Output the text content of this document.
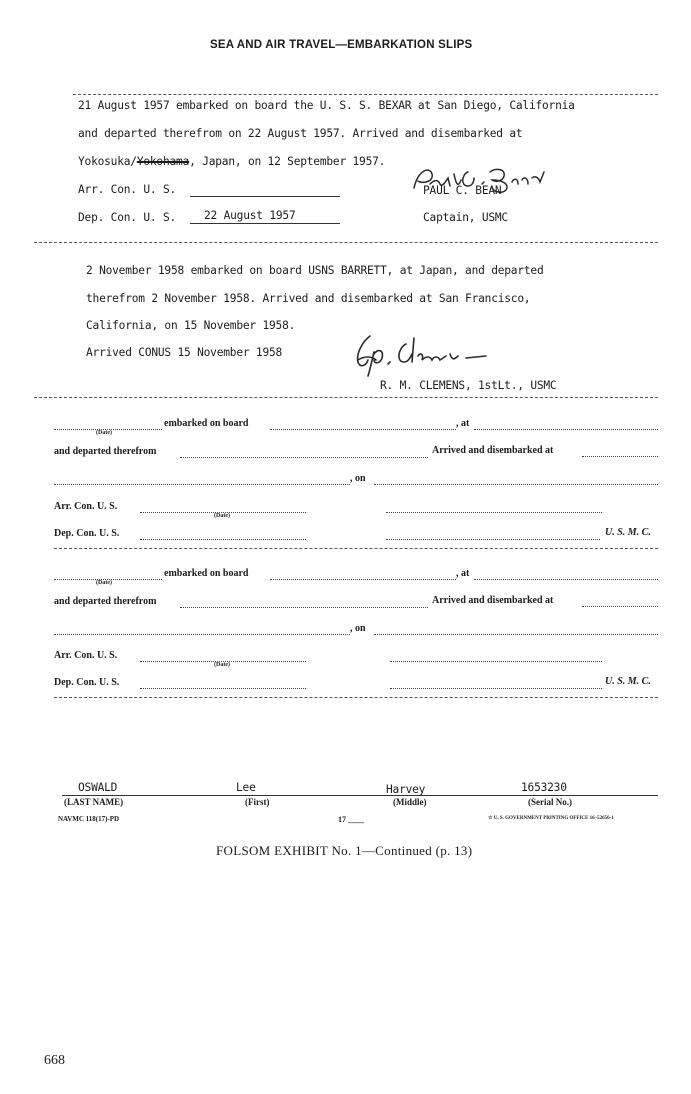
SEA AND AIR TRAVEL—EMBARKATION SLIPS
21 August 1957 embarked on board the U. S. S. BEXAR at San Diego, California
and departed therefrom on 22 August 1957. Arrived and disembarked at
Yokosuka/Yokohama, Japan, on 12 September 1957.
Arr. Con. U. S.
Dep. Con. U. S. 22 August 1957
PAUL C. BEAN
Captain, USMC
2 November 1958 embarked on board USNS BARRETT, at Japan, and departed
therefrom 2 November 1958. Arrived and disembarked at San Francisco,
California, on 15 November 1958.
Arrived CONUS 15 November 1958
R. M. CLEMENS, 1stLt., USMC
embarked on board	, at
(Date)
and departed therefrom	Arrived and disembarked at
, on
Arr. Con. U. S.
(Date)
Dep. Con. U. S.	U. S. M. C.
embarked on board	, at
(Date)
and departed therefrom	Arrived and disembarked at
, on
Arr. Con. U. S.
(Date)
Dep. Con. U. S.	U. S. M. C.
OSWALD	Lee	Harvey	1653230
(LAST NAME)	(First)	(Middle)	(Serial No.)
NAVMC 118(17)-PD	17 ____	☆ U. S. GOVERNMENT PRINTING OFFICE 16–52656-1
FOLSOM EXHIBIT No. 1—Continued (p. 13)
668
